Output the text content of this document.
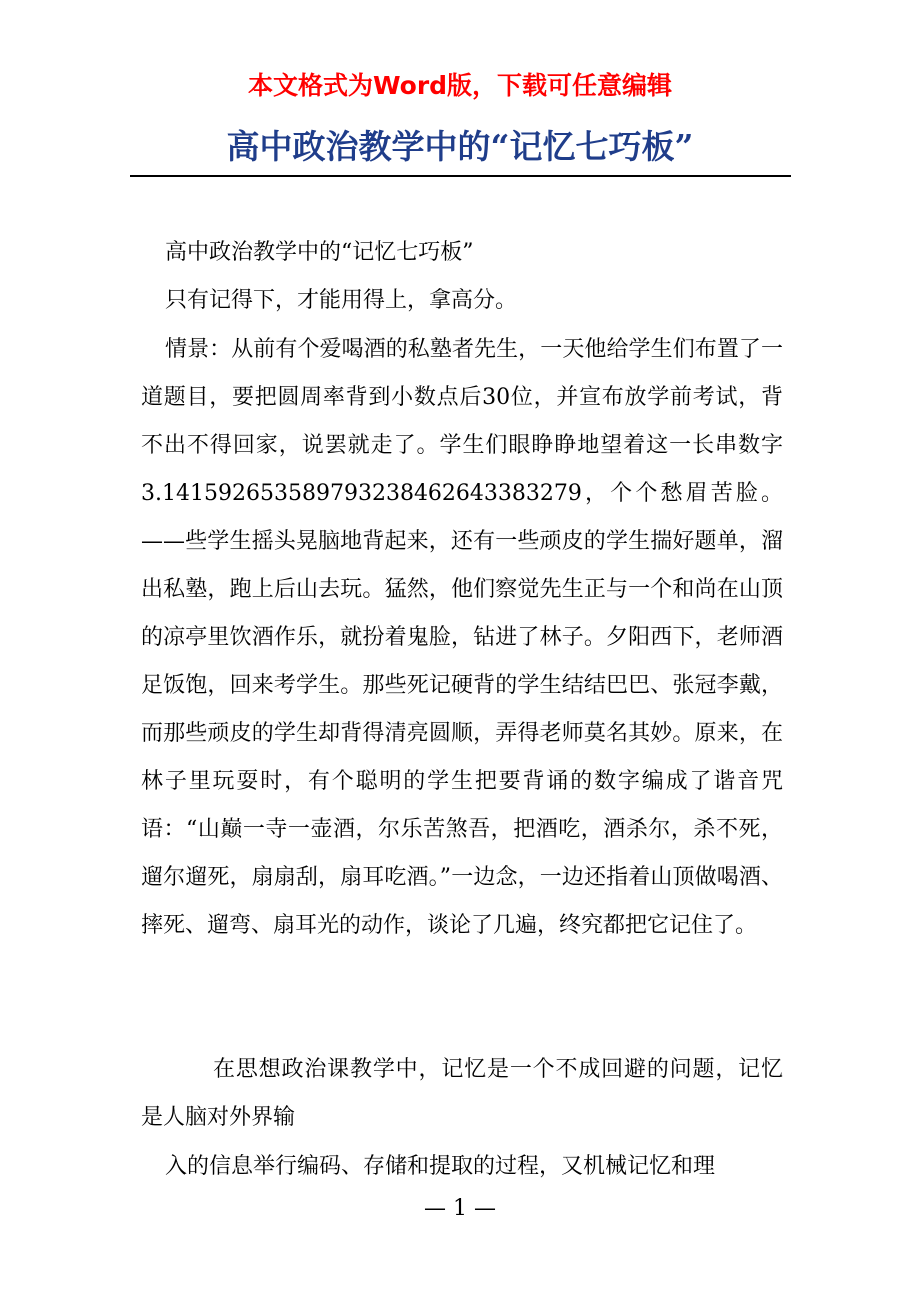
本文格式为Word版，下载可任意编辑
高中政治教学中的“记忆七巧板”

高中政治教学中的“记忆七巧板”

只有记得下，才能用得上，拿高分。

情景：从前有个爱喝酒的私塾者先生，一天他给学生们布置了一道题目，要把圆周率背到小数点后30位，并宣布放学前考试，背不出不得回家，说罢就走了。学生们眼睁睁地望着这一长串数字3.141592653589793238462643383279，个个愁眉苦脸。——些学生摇头晃脑地背起来，还有一些顽皮的学生揣好题单，溜出私塾，跑上后山去玩。猛然，他们察觉先生正与一个和尚在山顶的凉亭里饮酒作乐，就扮着鬼脸，钻进了林子。夕阳西下，老师酒足饭饱，回来考学生。那些死记硬背的学生结结巴巴、张冠李戴，而那些顽皮的学生却背得清亮圆顺，弄得老师莫名其妙。原来，在林子里玩耍时，有个聪明的学生把要背诵的数字编成了谐音咒语：“山巅一寺一壶酒，尔乐苦煞吾，把酒吃，酒杀尔，杀不死，遛尔遛死，扇扇刮，扇耳吃酒。”一边念，一边还指着山顶做喝酒、摔死、遛弯、扇耳光的动作，谈论了几遍，终究都把它记住了。

在思想政治课教学中，记忆是一个不成回避的问题，记忆是人脑对外界输

入的信息举行编码、存储和提取的过程，又机械记忆和理

— 1 —
